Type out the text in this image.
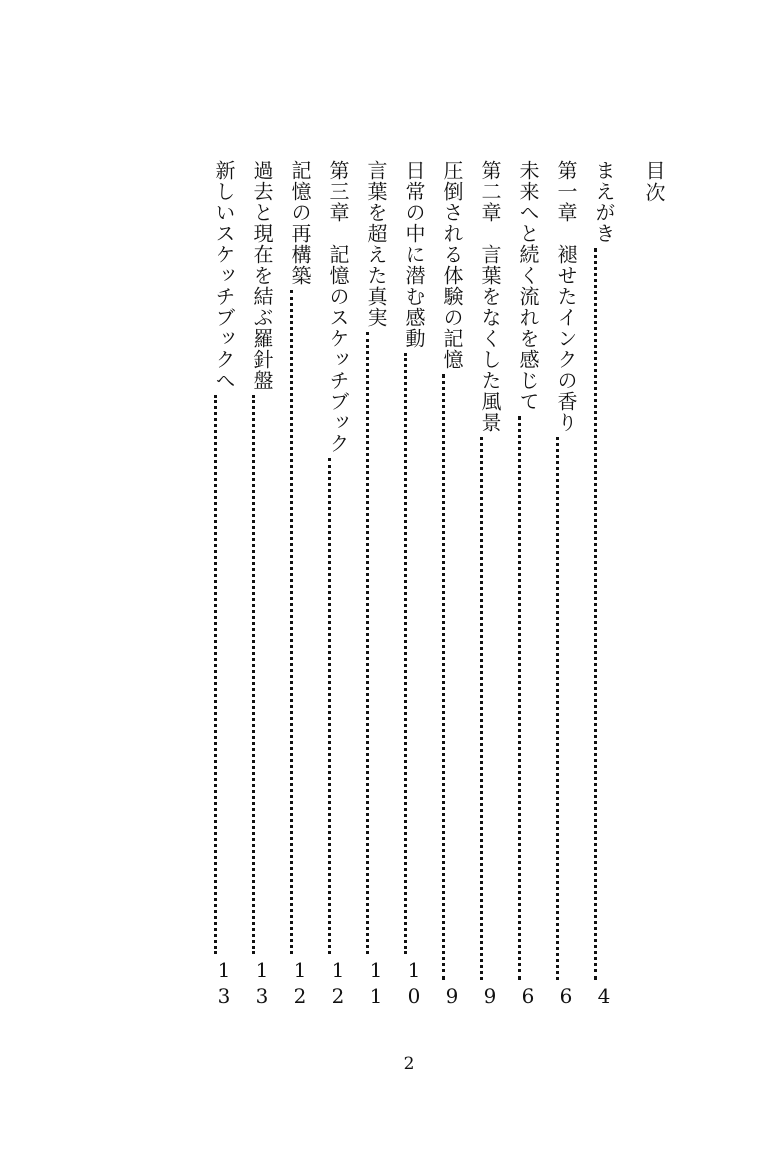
目次
まえがき
4
第一章　褪せたインクの香り
6
未来へと続く流れを感じて
6
第二章　言葉をなくした風景
9
圧倒される体験の記憶
9
日常の中に潜む感動
10
言葉を超えた真実
11
第三章　記憶のスケッチブック
12
記憶の再構築
12
過去と現在を結ぶ羅針盤
13
新しいスケッチブックへ
13
2
